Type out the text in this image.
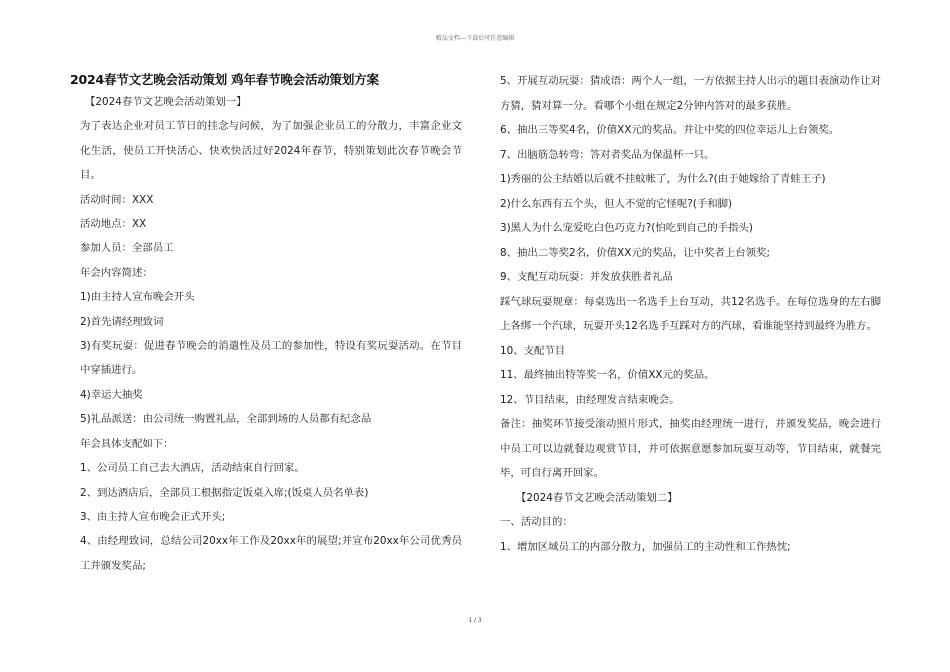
精品文档---下载后可任意编辑
2024春节文艺晚会活动策划 鸡年春节晚会活动策划方案

【2024春节文艺晚会活动策划一】

为了表达企业对员工节日的挂念与问候，为了加强企业员工的分散力，丰富企业文化生活，使员工开快活心、快欢快活过好2024年春节，特别策划此次春节晚会节目。

活动时间：XXX

活动地点：XX

参加人员：全部员工

年会内容简述：

1)由主持人宣布晚会开头

2)首先请经理致词

3)有奖玩耍：促进春节晚会的消遣性及员工的参加性，特设有奖玩耍活动。在节目中穿插进行。

4)幸运大抽奖

5)礼品派送：由公司统一购置礼品，全部到场的人员都有纪念品

年会具体支配如下：

1、公司员工自己去大酒店，活动结束自行回家。

2、到达酒店后，全部员工根据指定饭桌入席;(饭桌人员名单表)

3、由主持人宣布晚会正式开头;

4、由经理致词，总结公司20xx年工作及20xx年的展望;并宣布20xx年公司优秀员工并颁发奖品;

5、开展互动玩耍：猜成语：两个人一组，一方依据主持人出示的题目表演动作让对方猜，猜对算一分。看哪个小组在规定2分钟内答对的最多获胜。

6、抽出三等奖4名，价值XX元的奖品。并让中奖的四位幸运儿上台领奖。

7、出脑筋急转弯：答对者奖品为保温杯一只。

1)秀丽的公主结婚以后就不挂蚊帐了，为什么?(由于她嫁给了青蛙王子)

2)什么东西有五个头，但人不觉的它怪呢?(手和脚)

3)黑人为什么宠爱吃白色巧克力?(怕吃到自己的手指头)

8、抽出二等奖2名，价值XX元的奖品，让中奖者上台领奖;

9、支配互动玩耍：并发放获胜者礼品

踩气球玩耍规章：每桌选出一名选手上台互动，共12名选手。在每位选身的左右脚上各绑一个汽球，玩耍开头12名选手互踩对方的汽球，看谁能坚持到最终为胜方。

10、支配节目

11、最终抽出特等奖一名，价值XX元的奖品。

12、节目结束，由经理发言结束晚会。

备注：抽奖环节接受滚动照片形式，抽奖由经理统一进行，并颁发奖品，晚会进行中员工可以边就餐边观赏节目，并可依据意愿参加玩耍互动等，节目结束，就餐完毕，可自行离开回家。

【2024春节文艺晚会活动策划二】

一、活动目的：

1、增加区域员工的内部分散力，加强员工的主动性和工作热忱;

1 / 3
